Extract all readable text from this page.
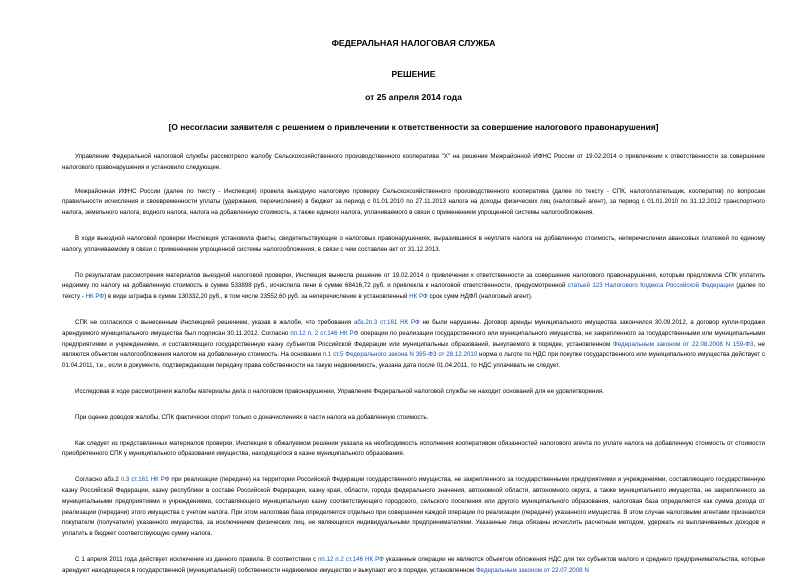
ФЕДЕРАЛЬНАЯ НАЛОГОВАЯ СЛУЖБА
РЕШЕНИЕ
от 25 апреля 2014 года
[О несогласии заявителя с решением о привлечении к ответственности за совершение налогового правонарушения]

Управление Федеральной налоговой службы рассмотрело жалобу Сельскохозяйственного производственного кооператива "Х" на решение Межрайонной ИФНС России от 19.02.2014 о привлечении к ответственности за совершение налогового правонарушения и установило следующее.

Межрайонная ИФНС России (далее по тексту - Инспекция) провела выездную налоговую проверку Сельскохозяйственного производственного кооператива (далее по тексту - СПК, налогоплательщик, кооператив) по вопросам правильности исчисления и своевременности уплаты (удержания, перечисления) в бюджет за период с 01.01.2010 по 27.11.2013 налога на доходы физических лиц (налоговый агент), за период с 01.01.2010 по 31.12.2012 транспортного налога, земельного налога, водного налога, налога на добавленную стоимость, а также единого налога, уплачиваемого в связи с применением упрощенной системы налогообложения.

В ходе выездной налоговой проверки Инспекция установила факты, свидетельствующие о налоговых правонарушениях, выразившиеся в неуплате налога на добавленную стоимость, неперечислении авансовых платежей по единому налогу, уплачиваемому в связи с применением упрощенной системы налогообложения, в связи с чем составлен акт от 31.12.2013.

По результатам рассмотрения материалов выездной налоговой проверки, Инспекция вынесла решение от 19.02.2014 о привлечении к ответственности за совершение налогового правонарушения, которым предложила СПК уплатить недоимку по налогу на добавленную стоимость в сумме 533898 руб., исчислила пени в сумме 68416,72 руб. и привлекла к налоговой ответственности, предусмотренной статьей 123 Налогового Кодекса Российской Федерации (далее по тексту - НК РФ) в виде штрафа в сумме 130332,20 руб., в том числе 23552,60 руб. за неперечисление в установленный НК РФ срок сумм НДФЛ (налоговый агент).

СПК не согласился с вынесенным Инспекцией решением, указав в жалобе, что требования абз.2п.3 ст.161 НК РФ не были нарушены. Договор аренды муниципального имущества закончился 30.09.2012, а договор купли-продажи арендуемого муниципального имущества был подписан 30.11.2012. Согласно пп.12 п. 2 ст.146 НК РФ операции по реализации государственного или муниципального имущества, не закрепленного за государственными или муниципальными предприятиями и учреждениями, и составляющего государственную казну субъектов Российской Федерации или муниципальных образований, выкупаемого в порядке, установленном Федеральным законом от 22.08.2008 N 159-ФЗ, не являются объектом налогообложения налогом на добавленную стоимость. На основании п.1 ст.5 Федерального закона N 395-ФЗ от 28.12.2010 норма о льготе по НДС при покупке государственного или муниципального имущества действует с 01.04.2011, т.е., если в документе, подтверждающем передачу права собственности на такую недвижимость, указана дата после 01.04.2011, то НДС уплачивать не следует.

Исследовав в ходе рассмотрения жалобы материалы дела о налоговом правонарушении, Управление Федеральной налоговой службы не находит оснований для ее удовлетворения.

При оценке доводов жалобы, СПК фактически спорит только о доначислениях в части налога на добавленную стоимость.

Как следует из представленных материалов проверки, Инспекция в обжалуемом решении указала на необходимость исполнения кооперативом обязанностей налогового агента по уплате налога на добавленную стоимость от стоимости приобретенного СПК у муниципального образования имущества, находящегося в казне муниципального образования.

Согласно абз.2 п.3 ст.161 НК РФ при реализации (передаче) на территории Российской Федерации государственного имущества, не закрепленного за государственными предприятиями и учреждениями, составляющего государственную казну Российской Федерации, казну республики в составе Российской Федерации, казну края, области, города федерального значения, автономной области, автономного округа, а также муниципального имущества, не закрепленного за муниципальными предприятиями и учреждениями, составляющего муниципальную казну соответствующего городского, сельского поселения или другого муниципального образования, налоговая база определяется как сумма дохода от реализации (передачи) этого имущества с учетом налога. При этом налоговая база определяется отдельно при совершении каждой операции по реализации (передаче) указанного имущества. В этом случае налоговыми агентами признаются покупатели (получатели) указанного имущества, за исключением физических лиц, не являющихся индивидуальными предпринимателями. Указанные лица обязаны исчислить расчетным методом, удержать из выплачиваемых доходов и уплатить в бюджет соответствующую сумму налога.

С 1 апреля 2011 года действует исключение из данного правила. В соответствии с пп.12 п.2 ст.146 НК РФ указанные операции не являются объектом обложения НДС для тех субъектов малого и среднего предпринимательства, которые арендуют находящееся в государственной (муниципальной) собственности недвижимое имущество и выкупают его в порядке, установленном Федеральным законом от 22.07.2008 N
